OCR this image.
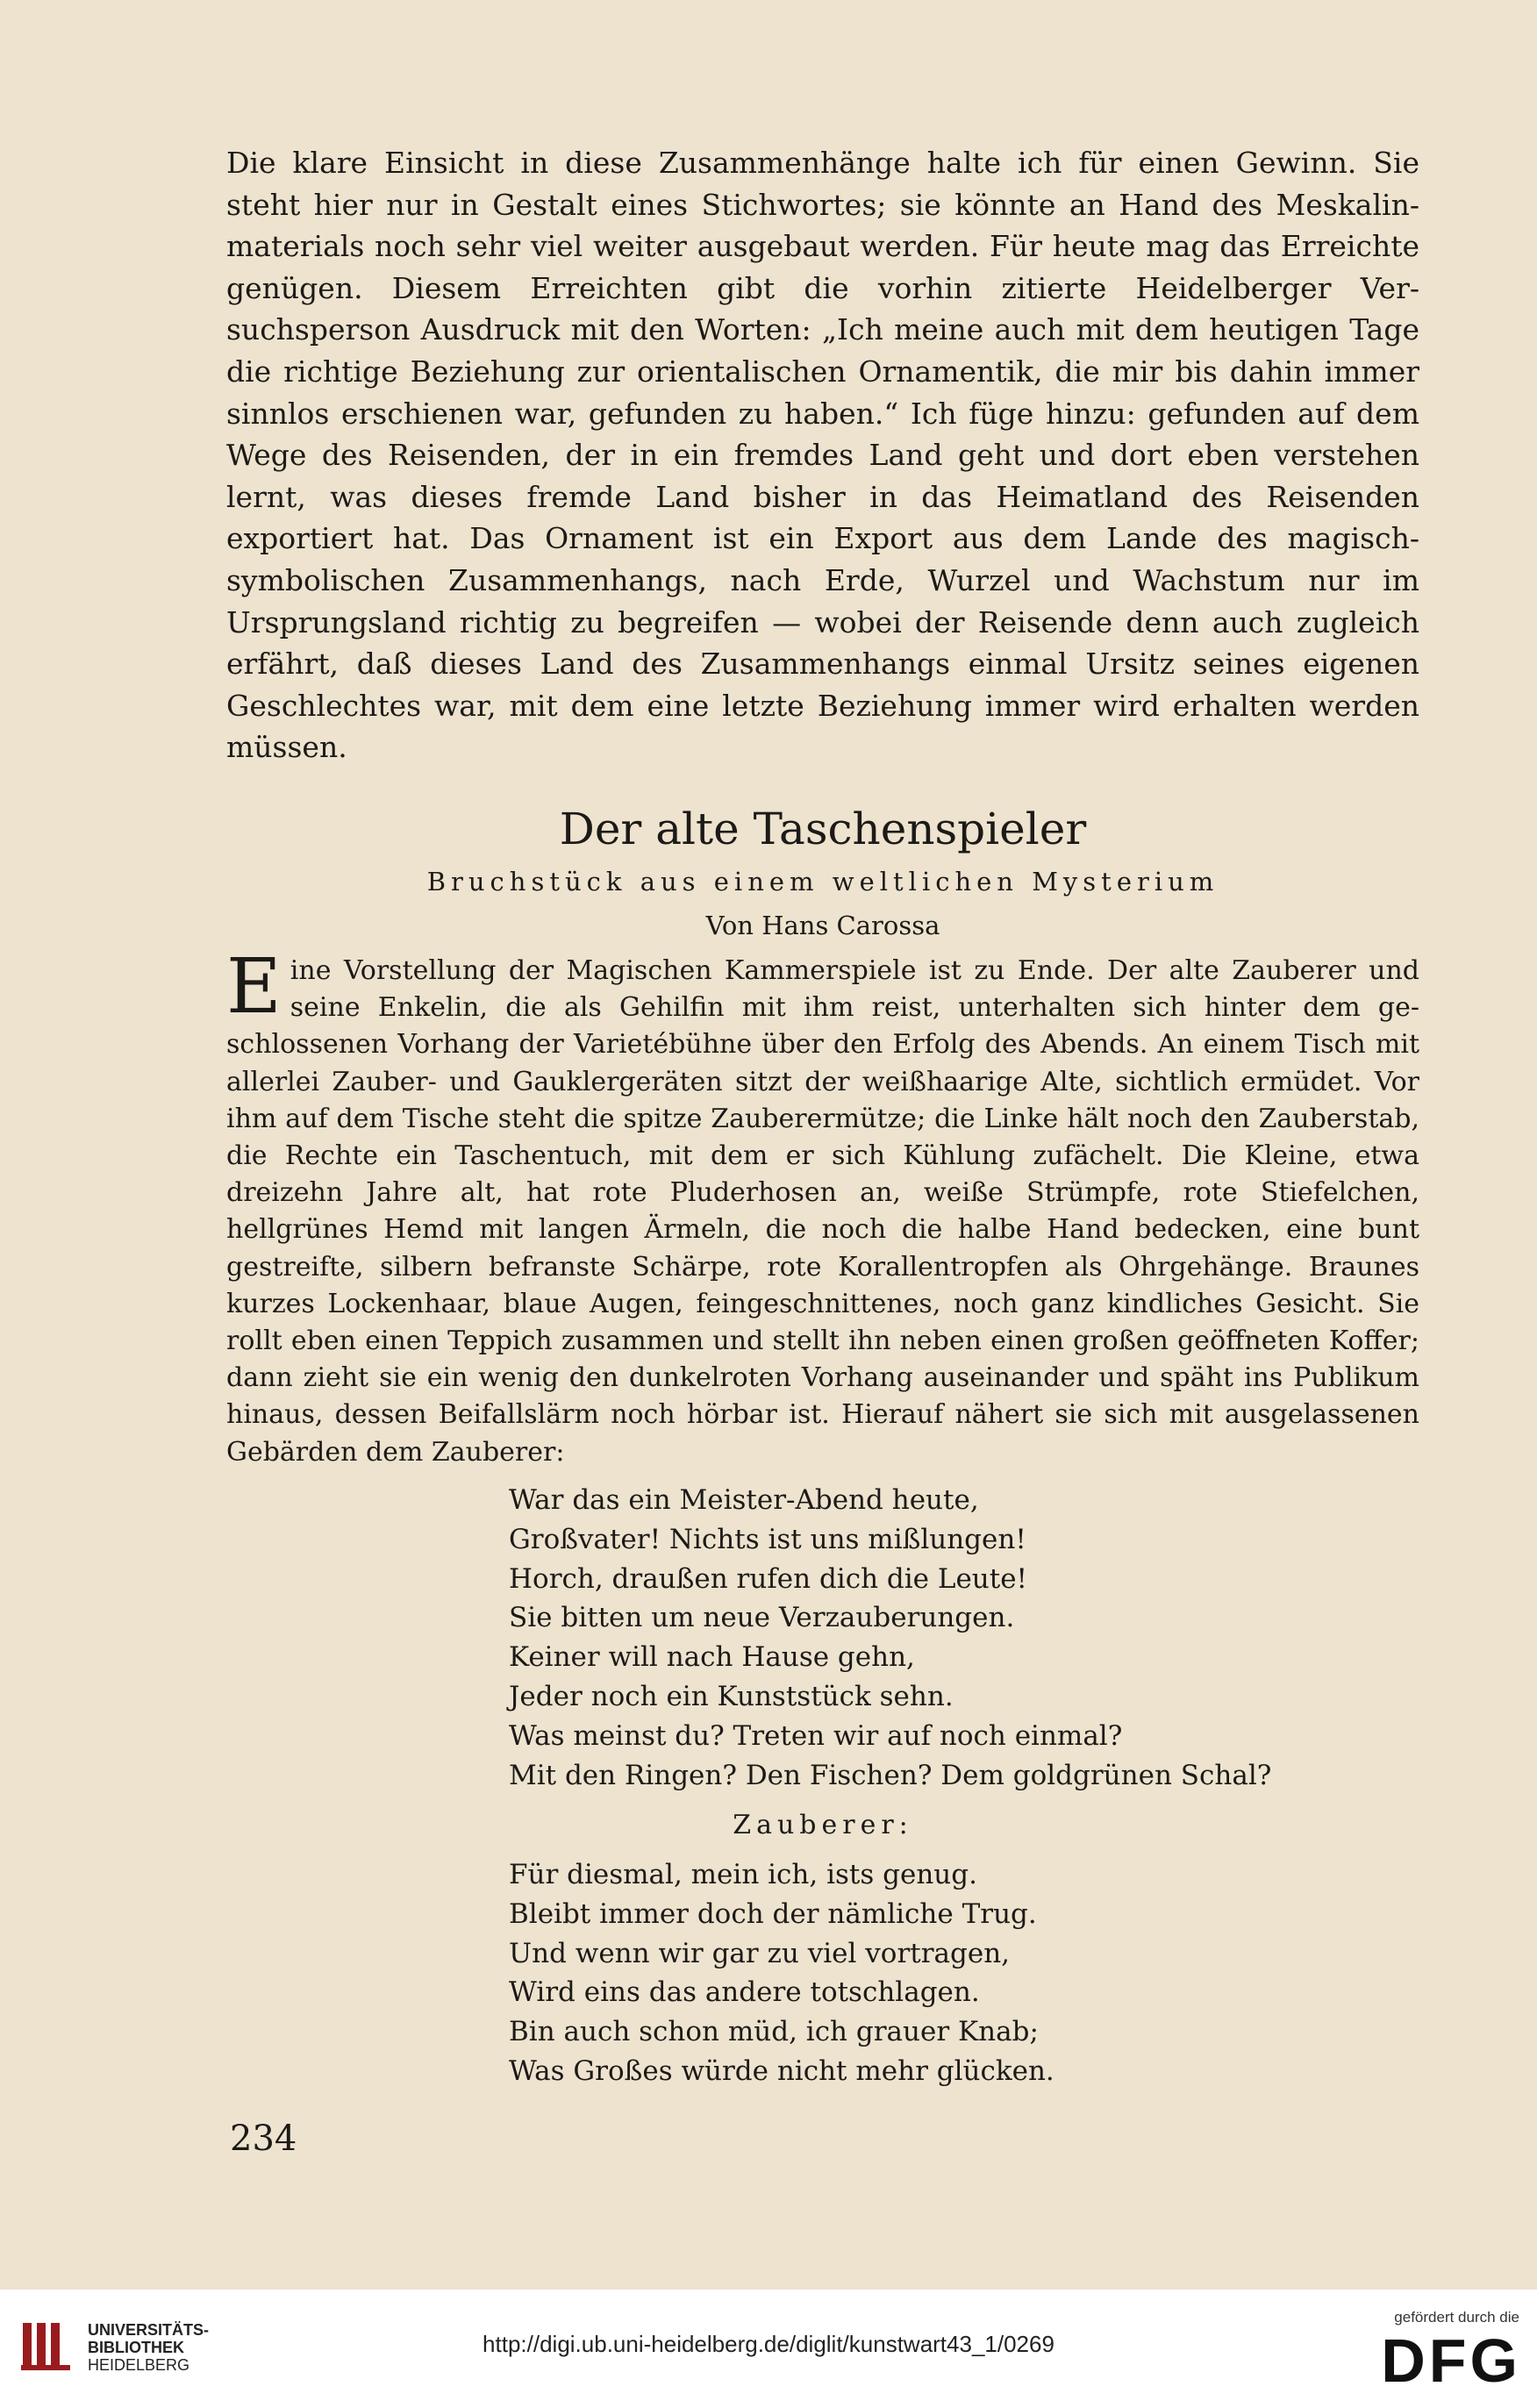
Die klare Einsicht in diese Zusammenhänge halte ich für einen Gewinn. Sie steht hier nur in Gestalt eines Stichwortes; sie könnte an Hand des Meskalinmaterials noch sehr viel weiter ausgebaut werden. Für heute mag das Erreichte genügen. Diesem Erreichten gibt die vorhin zitierte Heidelberger Versuchsperson Ausdruck mit den Worten: „Ich meine auch mit dem heutigen Tage die richtige Beziehung zur orientalischen Ornamentik, die mir bis dahin immer sinnlos erschienen war, gefunden zu haben.“ Ich füge hinzu: gefunden auf dem Wege des Reisenden, der in ein fremdes Land geht und dort eben verstehen lernt, was dieses fremde Land bisher in das Heimatland des Reisenden exportiert hat. Das Ornament ist ein Export aus dem Lande des magisch-symbolischen Zusammenhangs, nach Erde, Wurzel und Wachstum nur im Ursprungsland richtig zu begreifen — wobei der Reisende denn auch zugleich erfährt, daß dieses Land des Zusammenhangs einmal Ursitz seines eigenen Geschlechtes war, mit dem eine letzte Beziehung immer wird erhalten werden müssen.

Der alte Taschenspieler
Bruchstück aus einem weltlichen Mysterium
Von Hans Carossa
E ine Vorstellung der Magischen Kammerspiele ist zu Ende. Der alte Zauberer und seine Enkelin, die als Gehilfin mit ihm reist, unterhalten sich hinter dem geschlossenen Vorhang der Varietébühne über den Erfolg des Abends. An einem Tisch mit allerlei Zauber- und Gauklergeräten sitzt der weißhaarige Alte, sichtlich ermüdet. Vor ihm auf dem Tische steht die spitze Zauberermütze; die Linke hält noch den Zauberstab, die Rechte ein Taschentuch, mit dem er sich Kühlung zufächelt. Die Kleine, etwa dreizehn Jahre alt, hat rote Pluderhosen an, weiße Strümpfe, rote Stiefelchen, hellgrünes Hemd mit langen Ärmeln, die noch die halbe Hand bedecken, eine bunt gestreifte, silbern befranste Schärpe, rote Korallentropfen als Ohrgehänge. Braunes kurzes Lockenhaar, blaue Augen, feingeschnittenes, noch ganz kindliches Gesicht. Sie rollt eben einen Teppich zusammen und stellt ihn neben einen großen geöffneten Koffer; dann zieht sie ein wenig den dunkelroten Vorhang auseinander und späht ins Publikum hinaus, dessen Beifallslärm noch hörbar ist. Hierauf nähert sie sich mit ausgelassenen Gebärden dem Zauberer:

War das ein Meister-Abend heute,
Großvater! Nichts ist uns mißlungen!
Horch, draußen rufen dich die Leute!
Sie bitten um neue Verzauberungen.
Keiner will nach Hause gehn,
Jeder noch ein Kunststück sehn.
Was meinst du? Treten wir auf noch einmal?
Mit den Ringen? Den Fischen? Dem goldgrünen Schal?
Zauberer:
Für diesmal, mein ich, ists genug.
Bleibt immer doch der nämliche Trug.
Und wenn wir gar zu viel vortragen,
Wird eins das andere totschlagen.
Bin auch schon müd, ich grauer Knab;
Was Großes würde nicht mehr glücken.
234
UNIVERSITÄTS-
BIBLIOTHEK
HEIDELBERG
http://digi.ub.uni-heidelberg.de/diglit/kunstwart43_1/0269
gefördert durch die
DFG
